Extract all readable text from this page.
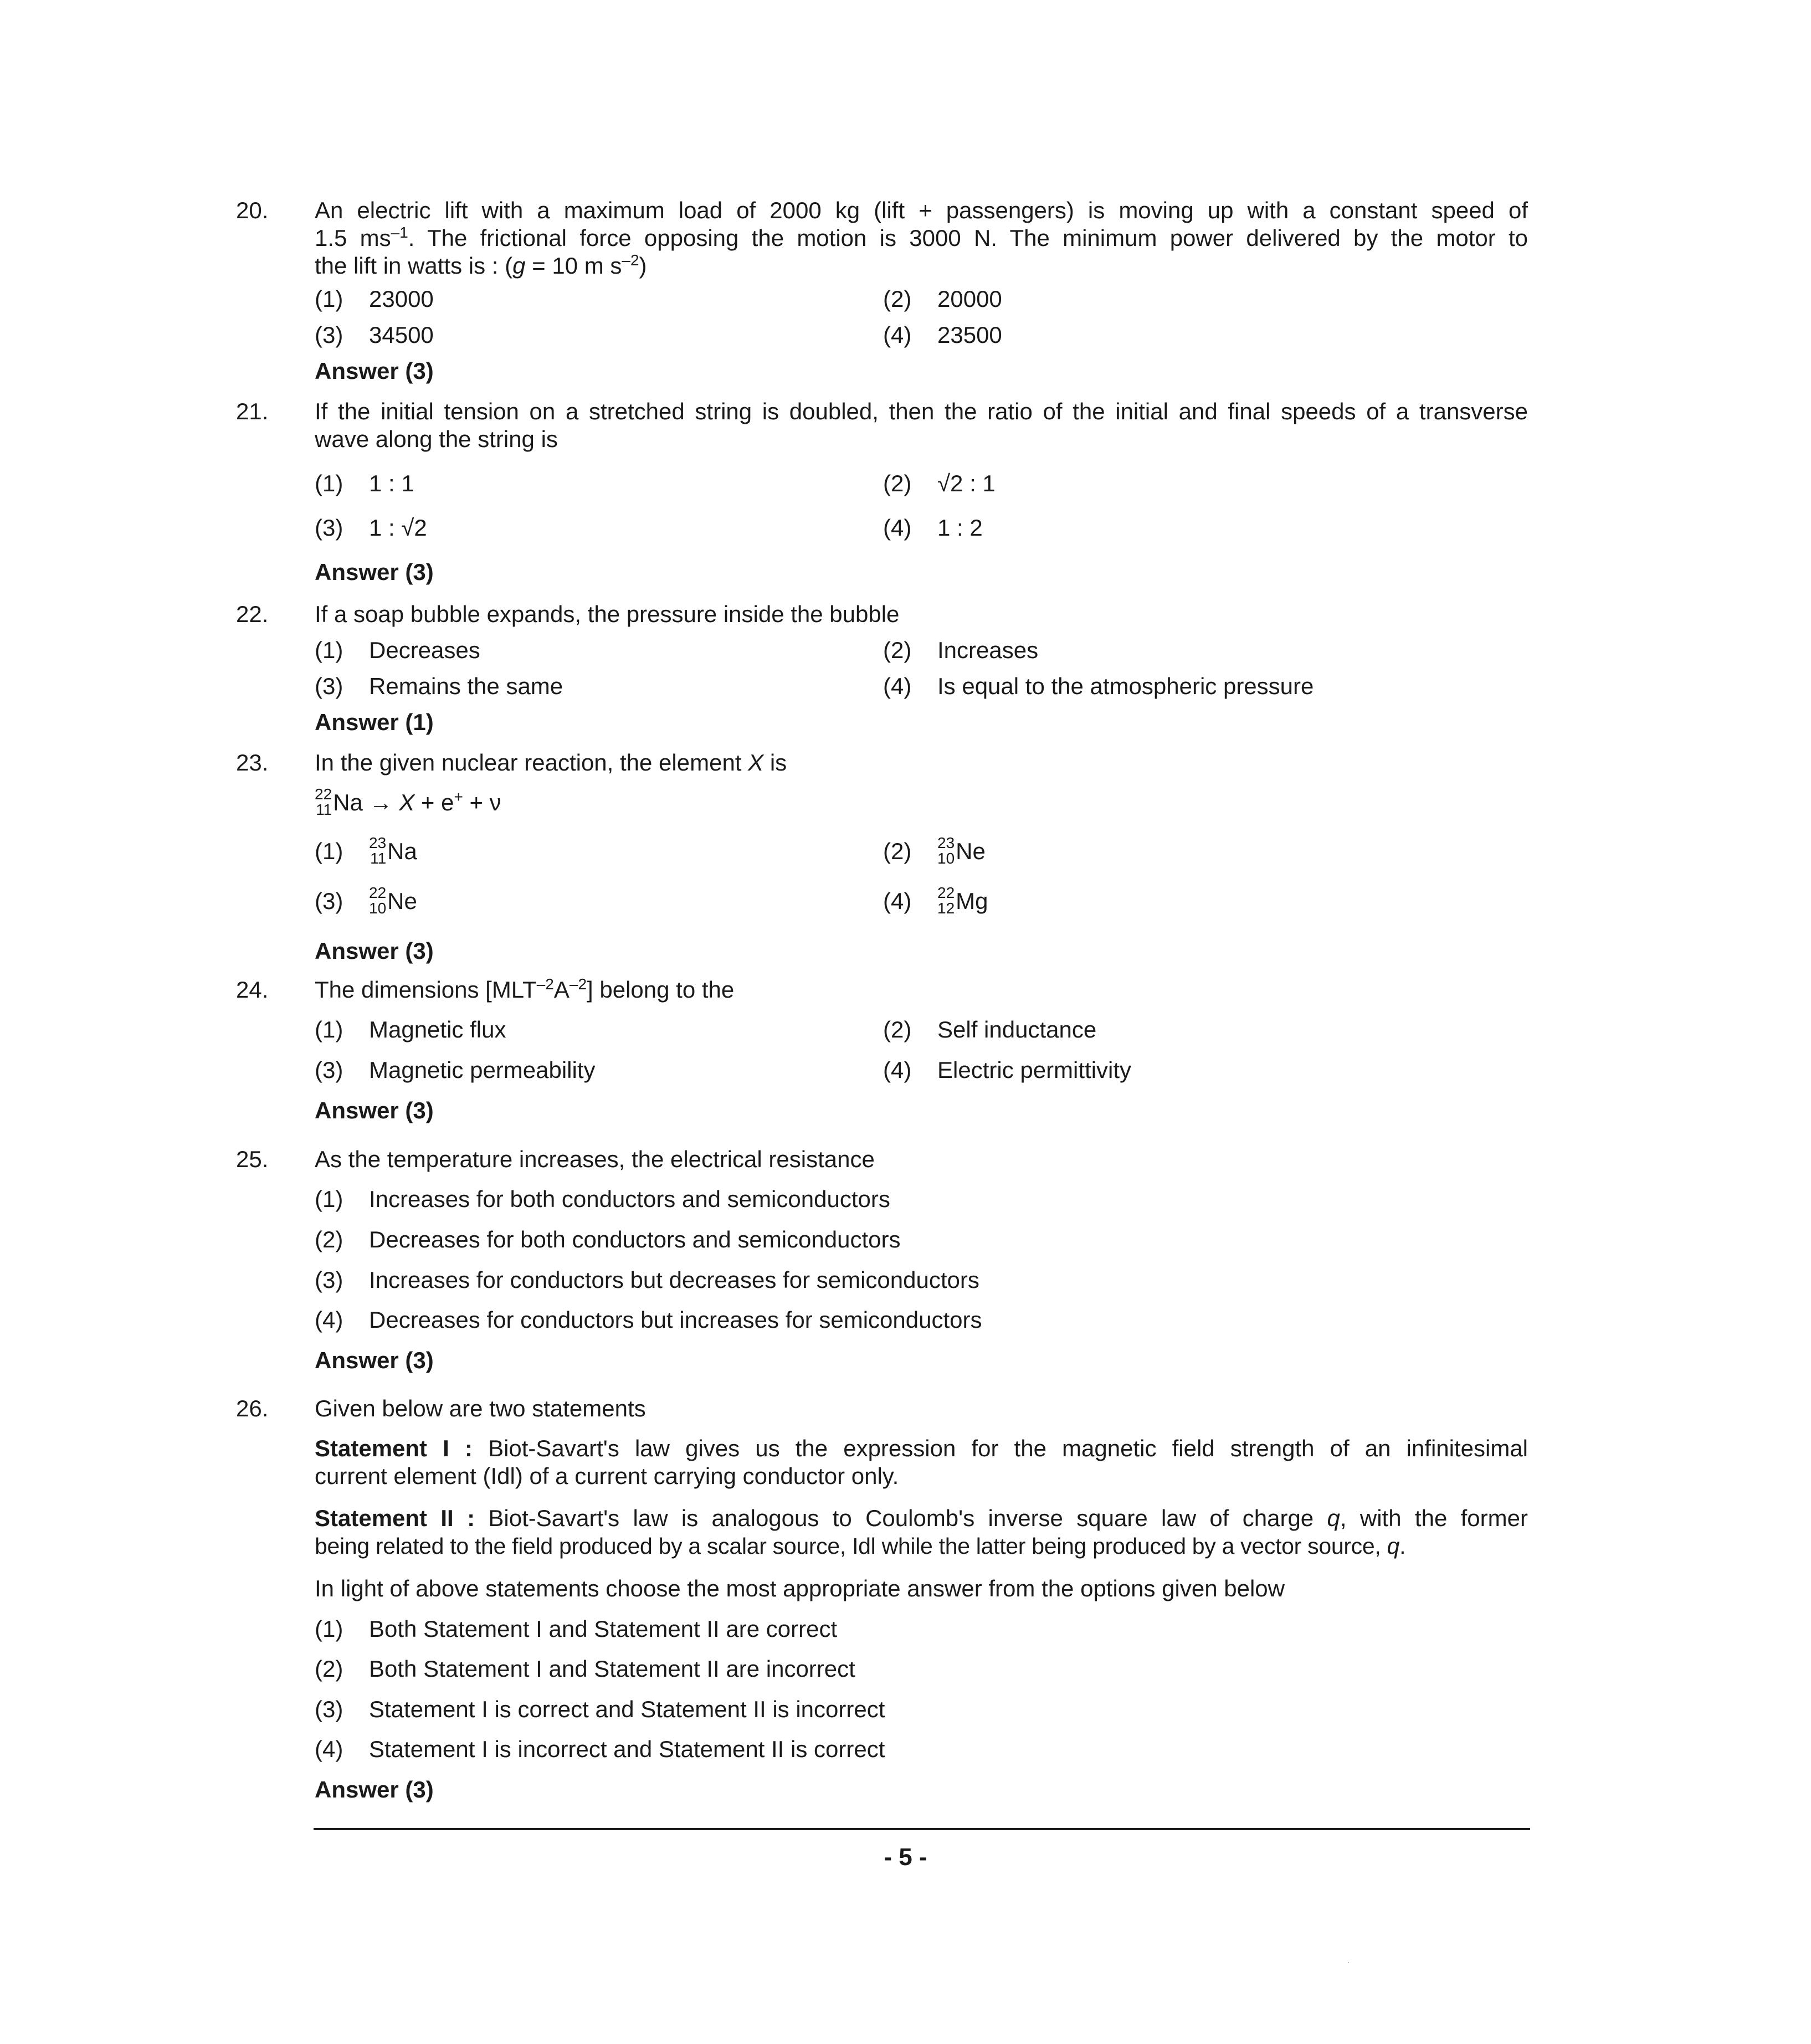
20. An electric lift with a maximum load of 2000 kg (lift + passengers) is moving up with a constant speed of
1.5 $ms^{-1}$. The frictional force opposing the motion is 3000 N. The minimum power delivered by the motor to
the lift in watts is : (g = 10 m $s^{-2}$)
(1) 23000	(2) 20000
(3) 34500	(4) 23500
Answer (3)
21. If the initial tension on a stretched string is doubled, then the ratio of the initial and final speeds of a transverse
wave along the string is
(1) 1 : 1	(2) √2 : 1
(3) 1 : √2	(4) 1 : 2
Answer (3)
22. If a soap bubble expands, the pressure inside the bubble
(1) Decreases	(2) Increases
(3) Remains the same	(4) Is equal to the atmospheric pressure
Answer (1)
23. In the given nuclear reaction, the element X is
22
11 Na → X + e+ + ν
(1) 23
11 Na	(2) 23
10 Ne
(3) 22
10 Ne	(4) 22
12 Mg
Answer (3)
24. The dimensions $[MLT^{-2}A^{-2}]$ belong to the
(1) Magnetic flux	(2) Self inductance
(3) Magnetic permeability	(4) Electric permittivity
Answer (3)
25. As the temperature increases, the electrical resistance
(1) Increases for both conductors and semiconductors
(2) Decreases for both conductors and semiconductors
(3) Increases for conductors but decreases for semiconductors
(4) Decreases for conductors but increases for semiconductors
Answer (3)
26. Given below are two statements
Statement I : Biot-Savart's law gives us the expression for the magnetic field strength of an infinitesimal
current element (Idl) of a current carrying conductor only.
Statement II : Biot-Savart's law is analogous to Coulomb's inverse square law of charge q, with the former
being related to the field produced by a scalar source, Idl while the latter being produced by a vector source, q.
In light of above statements choose the most appropriate answer from the options given below
(1) Both Statement I and Statement II are correct
(2) Both Statement I and Statement II are incorrect
(3) Statement I is correct and Statement II is incorrect
(4) Statement I is incorrect and Statement II is correct
Answer (3)
- 5 -
